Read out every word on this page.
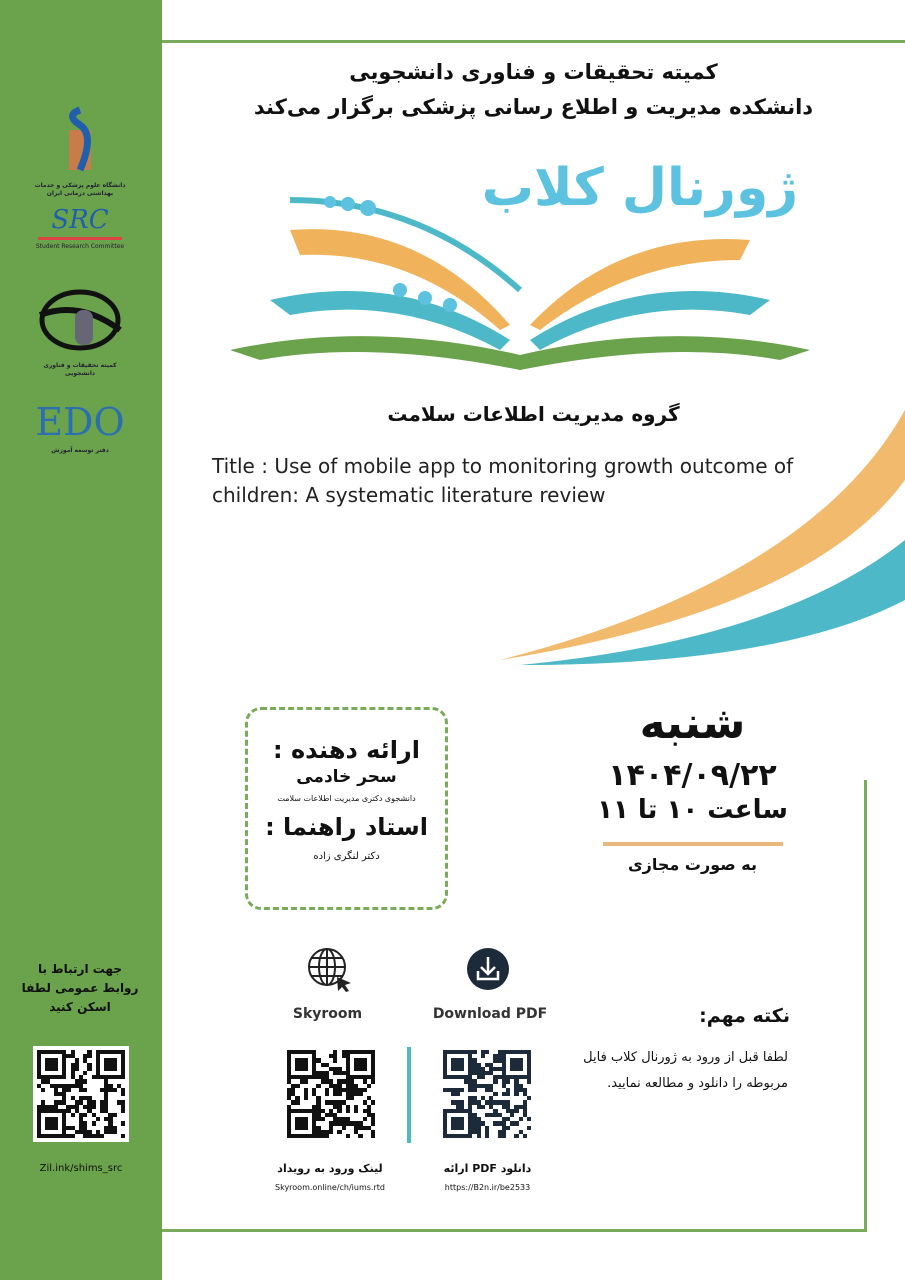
دانشگاه علوم پزشکی و خدمات بهداشتی درمانی ایران
SRC
Student Research Committee
کمیته تحقیقات و فناوری دانشجویی
EDO
دفتر توسعه آموزش
جهت ارتباط با روابط عمومی لطفا اسکن کنید
Zil.ink/shims_src
کمیته تحقیقات و فناوری دانشجویی
دانشکده مدیریت و اطلاع رسانی پزشکی برگزار می‌کند
ژورنال کلاب
گروه مدیریت اطلاعات سلامت
Title : Use of mobile app to monitoring growth outcome of children: A systematic literature review
ارائه دهنده :
سحر خادمی
دانشجوی دکتری مدیریت اطلاعات سلامت
استاد راهنما :
دکتر لنگری زاده
شنبه
۱۴۰۴/۰۹/۲۲
ساعت ۱۰ تا ۱۱
به صورت مجازی
Skyroom
لینک ورود به رویداد
Skyroom.online/ch/iums.rtd
Download PDF
دانلود PDF ارائه
https://B2n.ir/be2533
نکته مهم:
لطفا قبل از ورود به ژورنال کلاب فایل مربوطه را دانلود و مطالعه نمایید.
